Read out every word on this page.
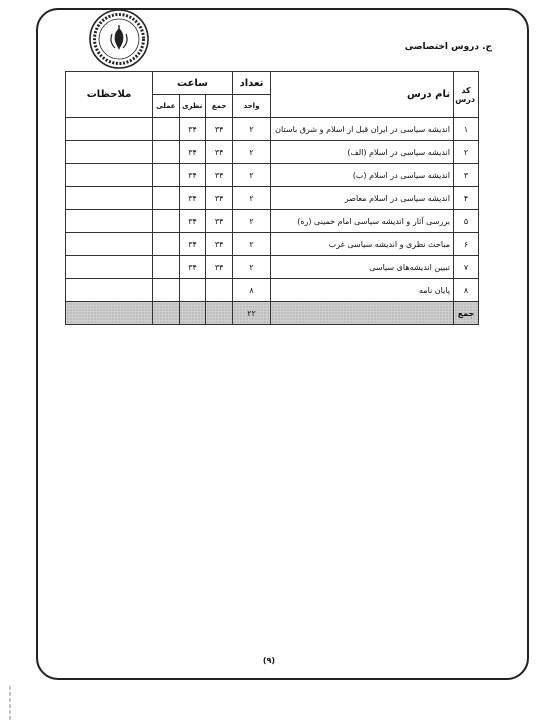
ج. دروس اختصاصی
کد
درس	نام درس	تعداد	ساعت			ملاحظات
		واحد	جمع	نظری	عملی	
۱	اندیشه سیاسی در ایران قبل از اسلام و شرق باستان	۲	۳۴	۳۴		
۲	اندیشه سیاسی در اسلام (الف)	۲	۳۴	۳۴		
۳	اندیشه سیاسی در اسلام (ب)	۲	۳۴	۳۴		
۴	اندیشه سیاسی در اسلام معاصر	۲	۳۴	۳۴		
۵	بررسی آثار و اندیشه سیاسی امام خمینی (ره)	۲	۳۴	۳۴		
۶	مباحث نظری و اندیشه سیاسی غرب	۲	۳۴	۳۴		
۷	تبیین اندیشه‌های سیاسی	۲	۳۴	۳۴		
۸	پایان نامه	۸				
جمع		۲۲				
(۹)
